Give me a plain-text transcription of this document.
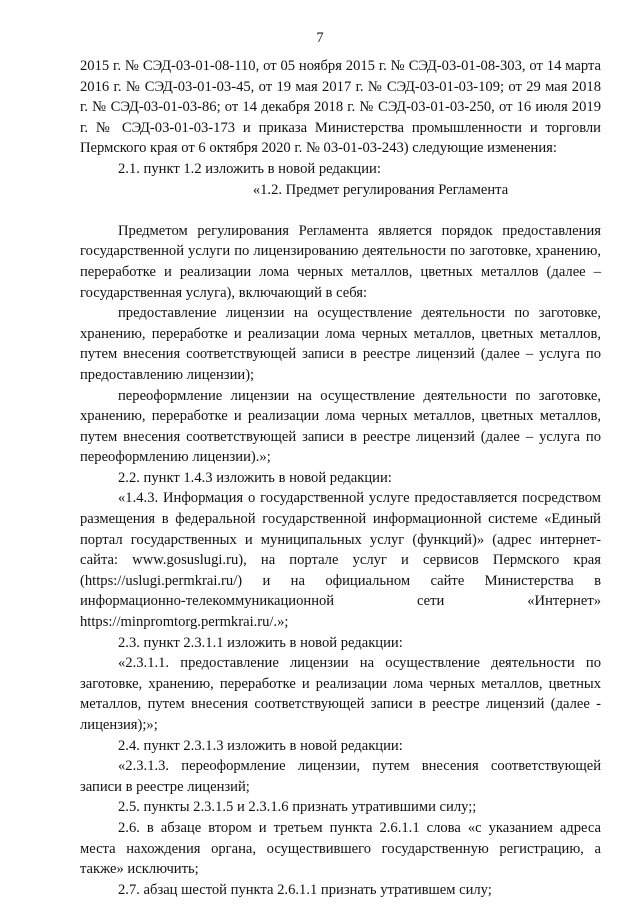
7

2015 г. № СЭД-03-01-08-110, от 05 ноября 2015 г. № СЭД-03-01-08-303, от 14 марта 2016 г. № СЭД-03-01-03-45, от 19 мая 2017 г. № СЭД-03-01-03-109; от 29 мая 2018 г. № СЭД-03-01-03-86; от 14 декабря 2018 г. № СЭД-03-01-03-250, от 16 июля 2019 г. № СЭД-03-01-03-173 и приказа Министерства промышленности и торговли Пермского края от 6 октября 2020 г. № 03-01-03-243) следующие изменения:

2.1. пункт 1.2 изложить в новой редакции:

«1.2. Предмет регулирования Регламента

Предметом регулирования Регламента является порядок предоставления государственной услуги по лицензированию деятельности по заготовке, хранению, переработке и реализации лома черных металлов, цветных металлов (далее – государственная услуга), включающий в себя:

предоставление лицензии на осуществление деятельности по заготовке, хранению, переработке и реализации лома черных металлов, цветных металлов, путем внесения соответствующей записи в реестре лицензий (далее – услуга по предоставлению лицензии);

переоформление лицензии на осуществление деятельности по заготовке, хранению, переработке и реализации лома черных металлов, цветных металлов, путем внесения соответствующей записи в реестре лицензий (далее – услуга по переоформлению лицензии).»;

2.2. пункт 1.4.3 изложить в новой редакции:

«1.4.3. Информация о государственной услуге предоставляется посредством размещения в федеральной государственной информационной системе «Единый портал государственных и муниципальных услуг (функций)» (адрес интернет-сайта: www.gosuslugi.ru), на портале услуг и сервисов Пермского края (https://uslugi.permkrai.ru/) и на официальном сайте Министерства в информационно-телекоммуникационной сети «Интернет» https://minpromtorg.permkrai.ru/.»;

2.3. пункт 2.3.1.1 изложить в новой редакции:

«2.3.1.1. предоставление лицензии на осуществление деятельности по заготовке, хранению, переработке и реализации лома черных металлов, цветных металлов, путем внесения соответствующей записи в реестре лицензий (далее - лицензия);»;

2.4. пункт 2.3.1.3 изложить в новой редакции:

«2.3.1.3. переоформление лицензии, путем внесения соответствующей записи в реестре лицензий;

2.5. пункты 2.3.1.5 и 2.3.1.6 признать утратившими силу;;

2.6. в абзаце втором и третьем пункта 2.6.1.1 слова «с указанием адреса места нахождения органа, осуществившего государственную регистрацию, а также» исключить;

2.7. абзац шестой пункта 2.6.1.1 признать утратившем силу;
